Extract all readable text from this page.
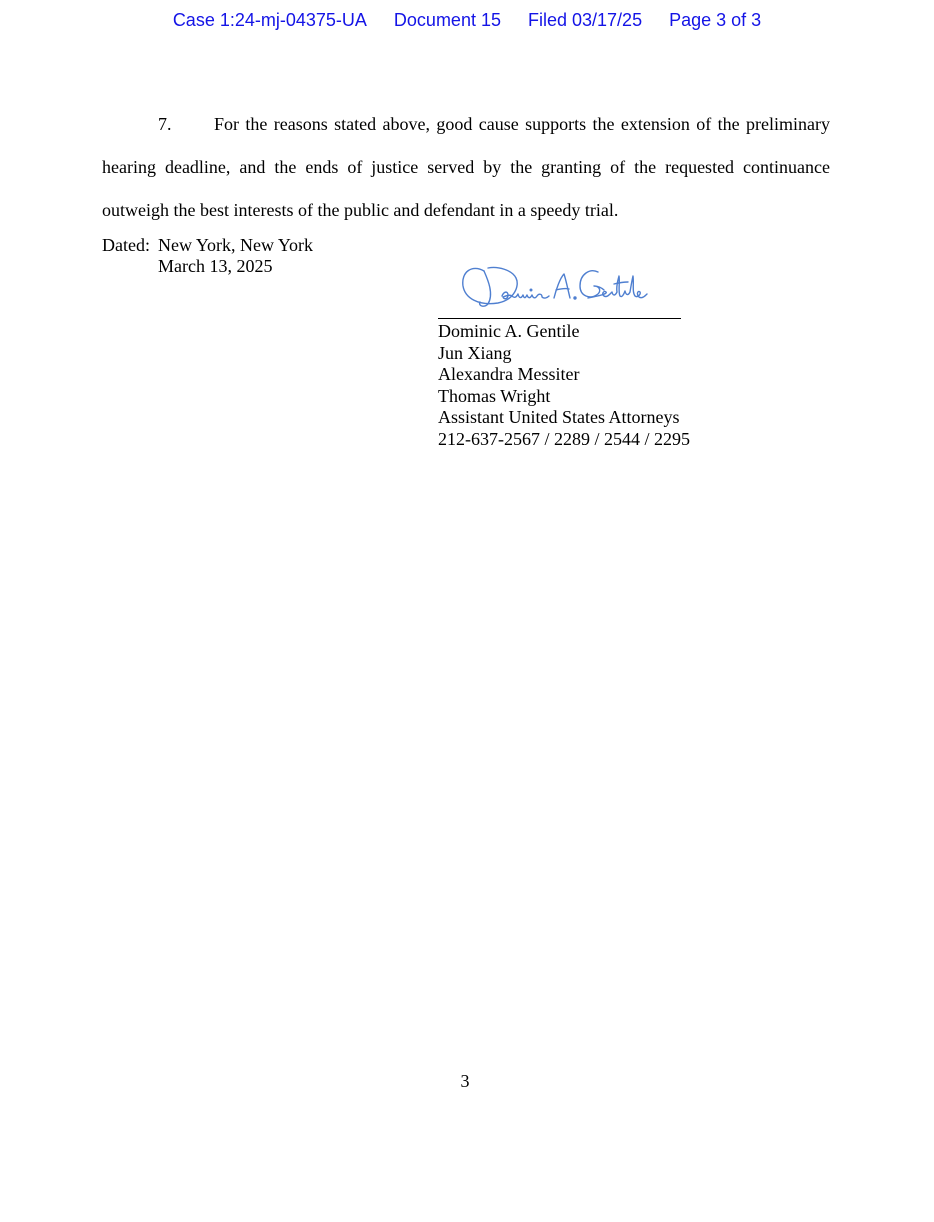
Case 1:24-mj-04375-UA Document 15 Filed 03/17/25 Page 3 of 3
7. For the reasons stated above, good cause supports the extension of the preliminary hearing deadline, and the ends of justice served by the granting of the requested continuance outweigh the best interests of the public and defendant in a speedy trial.
Dated: New York, New York
March 13, 2025
Dominic A. Gentile
Jun Xiang
Alexandra Messiter
Thomas Wright
Assistant United States Attorneys
212-637-2567 / 2289 / 2544 / 2295
3
